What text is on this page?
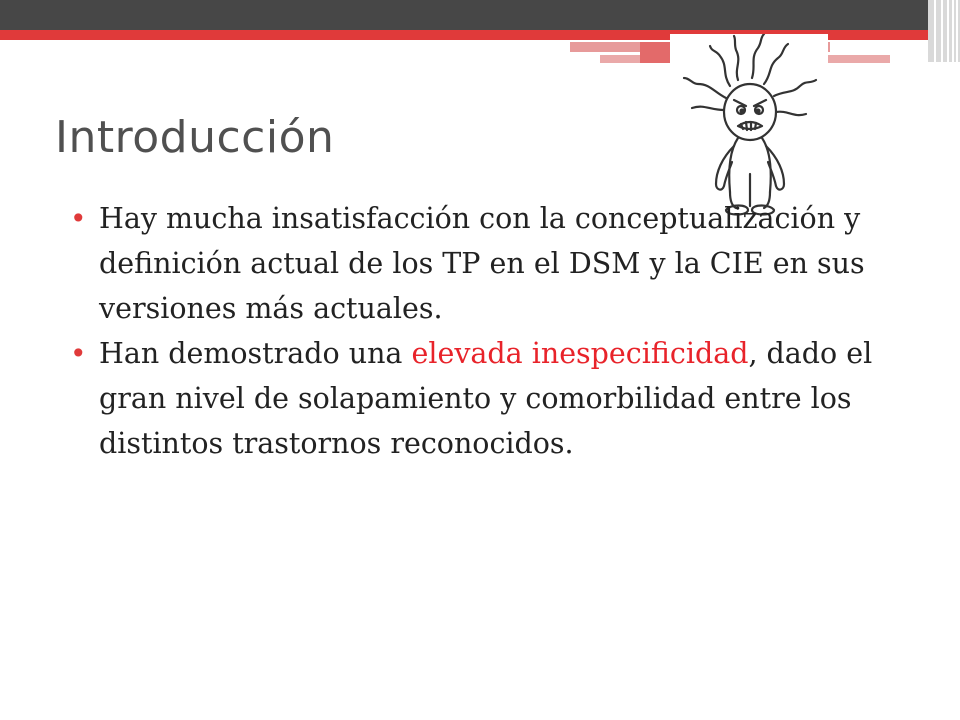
Introducción
• Hay mucha insatisfacción con la conceptualización y definición actual de los TP en el DSM y la CIE en sus versiones más actuales.
• Han demostrado una elevada inespecificidad, dado el gran nivel de solapamiento y comorbilidad entre los distintos trastornos reconocidos.
